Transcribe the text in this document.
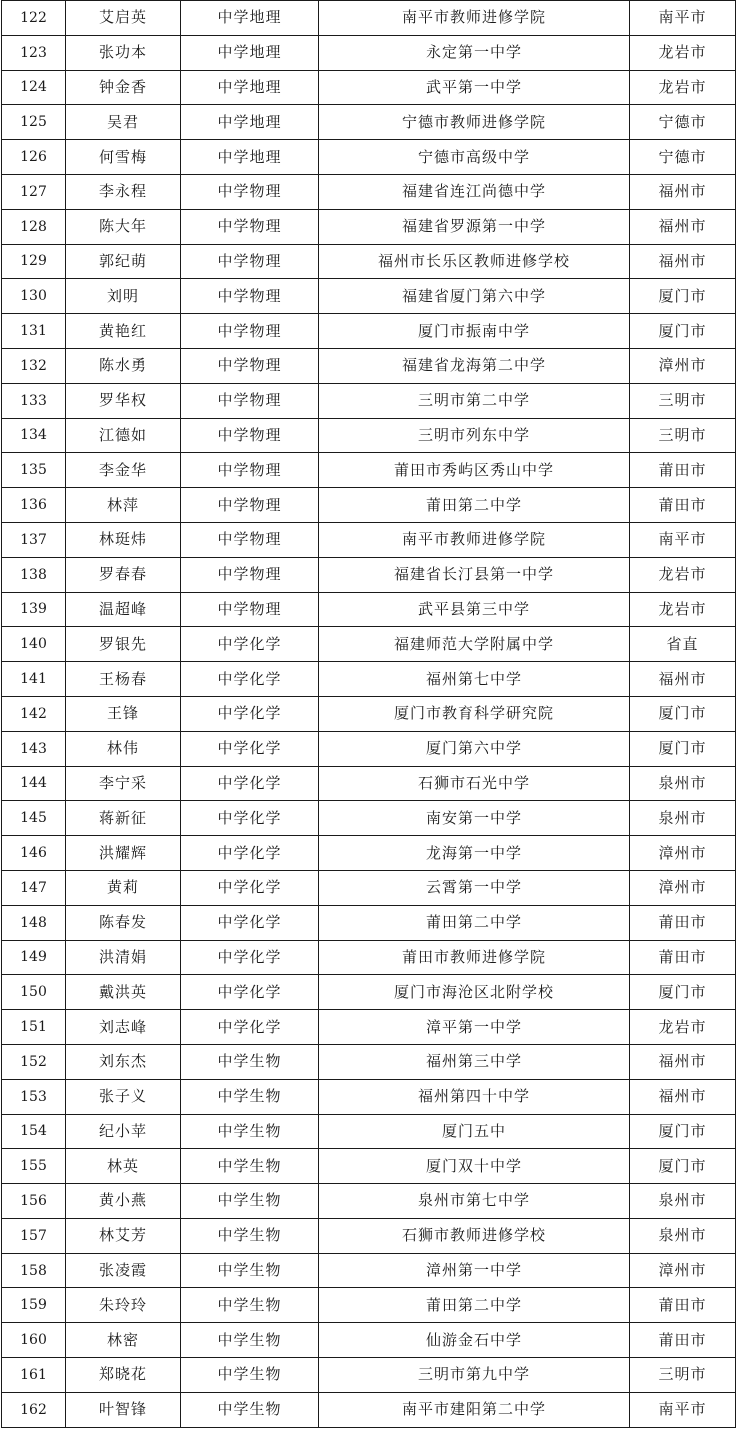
122	艾启英	中学地理	南平市教师进修学院	南平市
123	张功本	中学地理	永定第一中学	龙岩市
124	钟金香	中学地理	武平第一中学	龙岩市
125	吴君	中学地理	宁德市教师进修学院	宁德市
126	何雪梅	中学地理	宁德市高级中学	宁德市
127	李永程	中学物理	福建省连江尚德中学	福州市
128	陈大年	中学物理	福建省罗源第一中学	福州市
129	郭纪萌	中学物理	福州市长乐区教师进修学校	福州市
130	刘明	中学物理	福建省厦门第六中学	厦门市
131	黄艳红	中学物理	厦门市振南中学	厦门市
132	陈水勇	中学物理	福建省龙海第二中学	漳州市
133	罗华权	中学物理	三明市第二中学	三明市
134	江德如	中学物理	三明市列东中学	三明市
135	李金华	中学物理	莆田市秀屿区秀山中学	莆田市
136	林萍	中学物理	莆田第二中学	莆田市
137	林珽炜	中学物理	南平市教师进修学院	南平市
138	罗春春	中学物理	福建省长汀县第一中学	龙岩市
139	温超峰	中学物理	武平县第三中学	龙岩市
140	罗银先	中学化学	福建师范大学附属中学	省直
141	王杨春	中学化学	福州第七中学	福州市
142	王锋	中学化学	厦门市教育科学研究院	厦门市
143	林伟	中学化学	厦门第六中学	厦门市
144	李宁采	中学化学	石狮市石光中学	泉州市
145	蒋新征	中学化学	南安第一中学	泉州市
146	洪耀辉	中学化学	龙海第一中学	漳州市
147	黄莉	中学化学	云霄第一中学	漳州市
148	陈春发	中学化学	莆田第二中学	莆田市
149	洪清娟	中学化学	莆田市教师进修学院	莆田市
150	戴洪英	中学化学	厦门市海沧区北附学校	厦门市
151	刘志峰	中学化学	漳平第一中学	龙岩市
152	刘东杰	中学生物	福州第三中学	福州市
153	张子义	中学生物	福州第四十中学	福州市
154	纪小苹	中学生物	厦门五中	厦门市
155	林英	中学生物	厦门双十中学	厦门市
156	黄小燕	中学生物	泉州市第七中学	泉州市
157	林艾芳	中学生物	石狮市教师进修学校	泉州市
158	张凌霞	中学生物	漳州第一中学	漳州市
159	朱玲玲	中学生物	莆田第二中学	莆田市
160	林密	中学生物	仙游金石中学	莆田市
161	郑晓花	中学生物	三明市第九中学	三明市
162	叶智锋	中学生物	南平市建阳第二中学	南平市
